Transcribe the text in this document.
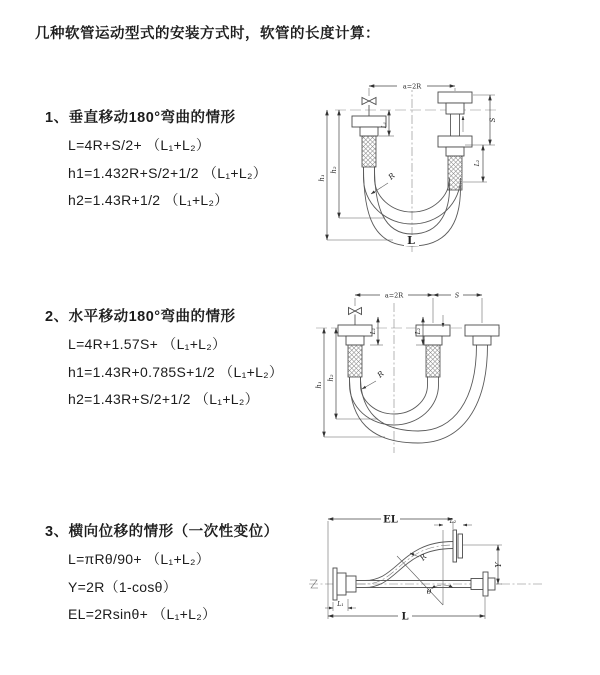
几种软管运动型式的安装方式时，软管的长度计算：
1、垂直移动180°弯曲的情形
L=4R+S/2+ （L₁+L₂）
h1=1.432R+S/2+1/2 （L₁+L₂）
h2=1.43R+1/2 （L₁+L₂）
2、水平移动180°弯曲的情形
L=4R+1.57S+ （L₁+L₂）
h1=1.43R+0.785S+1/2 （L₁+L₂）
h2=1.43R+S/2+1/2 （L₁+L₂）
3、横向位移的情形（一次性变位）
L=πRθ/90+ （L₁+L₂）
Y=2R（1-cosθ）
EL=2Rsinθ+ （L₁+L₂）
a=2R
h₁
h₂
L₁
S
L₂
R
L
a=2R	S
h₁
h₂
L₁	L₂
R
EL	L₂
Y
L
L₁
θ
R
